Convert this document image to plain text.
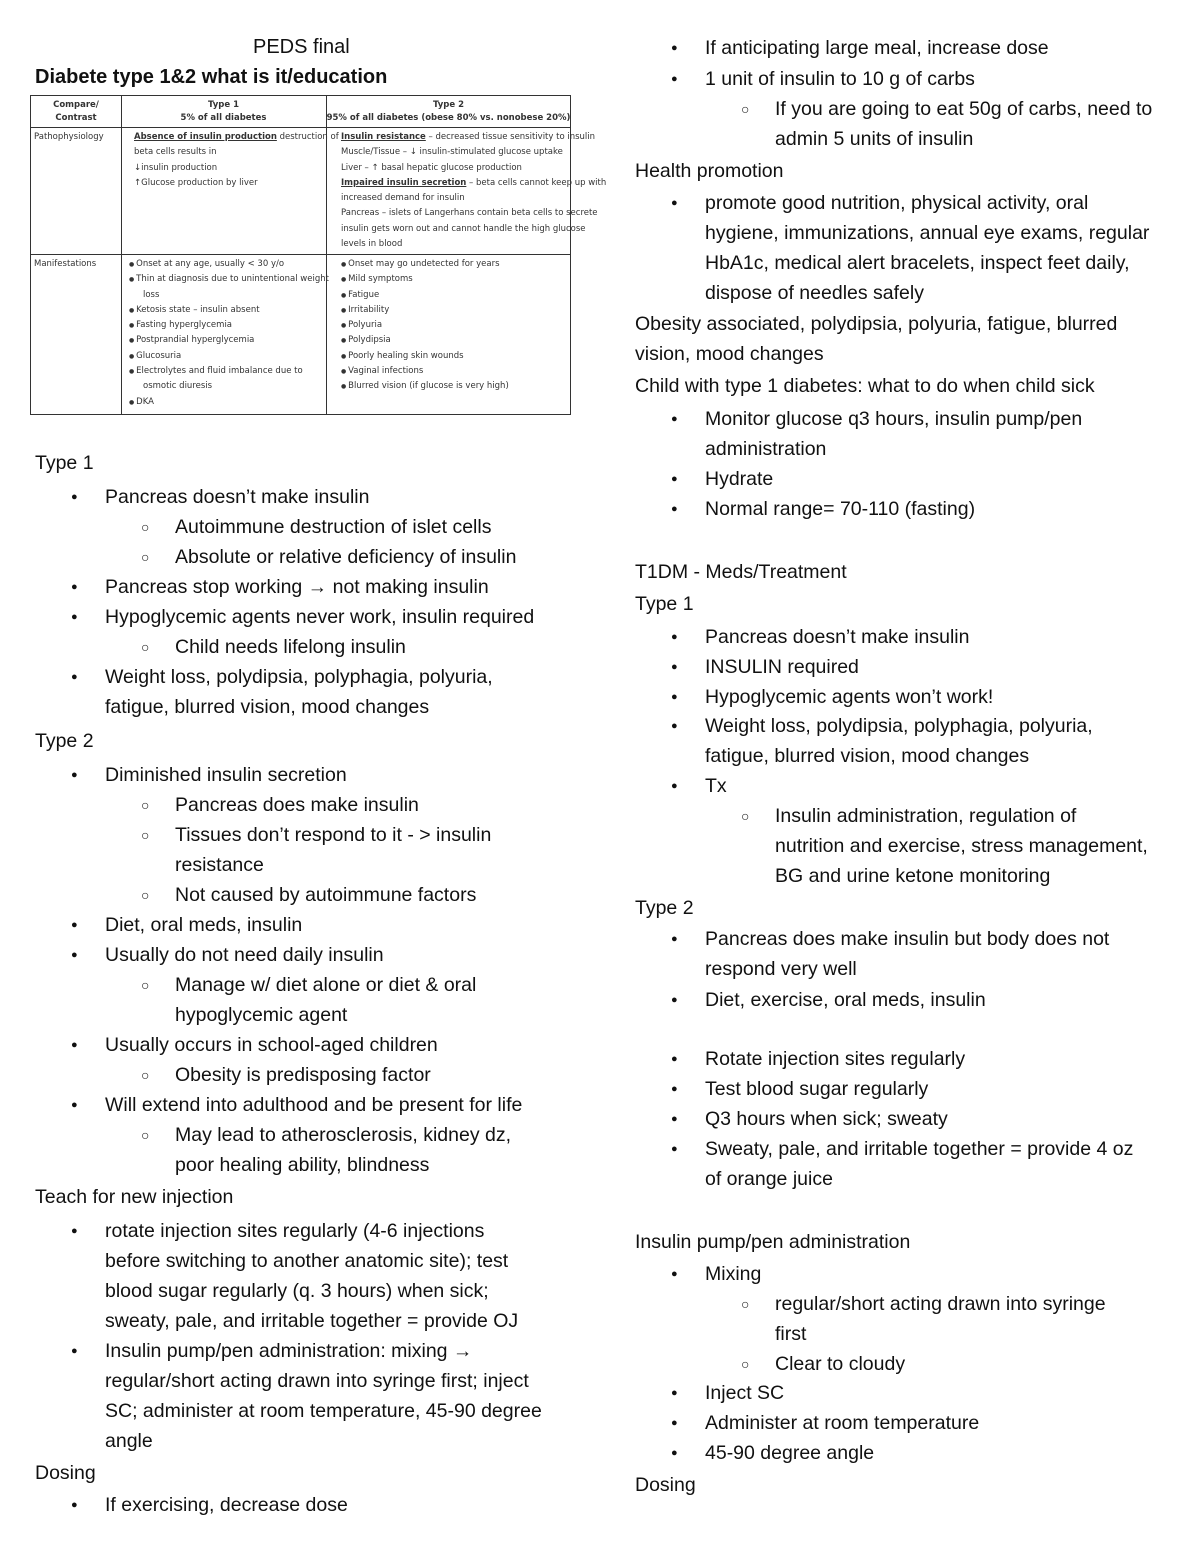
PEDS final
Diabete type 1&2 what is it/education
Compare/
Contrast
Type 1
5% of all diabetes
Type 2
95% of all diabetes (obese 80% vs. nonobese 20%)
Pathophysiology
Manifestations
Absence of insulin production destruction of
beta cells results in
↓insulin production
↑Glucose production by liver
Insulin resistance – decreased tissue sensitivity to insulin
Muscle/Tissue – ↓ insulin-stimulated glucose uptake
Liver – ↑ basal hepatic glucose production
Impaired insulin secretion – beta cells cannot keep up with
increased demand for insulin
Pancreas – islets of Langerhans contain beta cells to secrete
insulin gets worn out and cannot handle the high glucose
levels in blood
● Onset at any age, usually < 30 y/o
● Thin at diagnosis due to unintentional weight
loss
● Ketosis state – insulin absent
● Fasting hyperglycemia
● Postprandial hyperglycemia
● Glucosuria
● Electrolytes and fluid imbalance due to
osmotic diuresis
● DKA
● Onset may go undetected for years
● Mild symptoms
● Fatigue
● Irritability
● Polyuria
● Polydipsia
● Poorly healing skin wounds
● Vaginal infections
● Blurred vision (if glucose is very high)
Type 1
● Pancreas doesn’t make insulin
○ Autoimmune destruction of islet cells
○ Absolute or relative deficiency of insulin
● Pancreas stop working → not making insulin
● Hypoglycemic agents never work, insulin required
○ Child needs lifelong insulin
● Weight loss, polydipsia, polyphagia, polyuria,
fatigue, blurred vision, mood changes
Type 2
● Diminished insulin secretion
○ Pancreas does make insulin
○ Tissues don’t respond to it - > insulin
resistance
○ Not caused by autoimmune factors
● Diet, oral meds, insulin
● Usually do not need daily insulin
○ Manage w/ diet alone or diet & oral
hypoglycemic agent
● Usually occurs in school-aged children
○ Obesity is predisposing factor
● Will extend into adulthood and be present for life
○ May lead to atherosclerosis, kidney dz,
poor healing ability, blindness
Teach for new injection
● rotate injection sites regularly (4-6 injections
before switching to another anatomic site); test
blood sugar regularly (q. 3 hours) when sick;
sweaty, pale, and irritable together = provide OJ
● Insulin pump/pen administration: mixing →
regular/short acting drawn into syringe first; inject
SC; administer at room temperature, 45-90 degree
angle
Dosing
● If exercising, decrease dose
● If anticipating large meal, increase dose
● 1 unit of insulin to 10 g of carbs
○ If you are going to eat 50g of carbs, need to
admin 5 units of insulin
Health promotion
● promote good nutrition, physical activity, oral
hygiene, immunizations, annual eye exams, regular
HbA1c, medical alert bracelets, inspect feet daily,
dispose of needles safely
Obesity associated, polydipsia, polyuria, fatigue, blurred
vision, mood changes
Child with type 1 diabetes: what to do when child sick
● Monitor glucose q3 hours, insulin pump/pen
administration
● Hydrate
● Normal range= 70-110 (fasting)
T1DM - Meds/Treatment
Type 1
● Pancreas doesn’t make insulin
● INSULIN required
● Hypoglycemic agents won’t work!
● Weight loss, polydipsia, polyphagia, polyuria,
fatigue, blurred vision, mood changes
● Tx
○ Insulin administration, regulation of
nutrition and exercise, stress management,
BG and urine ketone monitoring
Type 2
● Pancreas does make insulin but body does not
respond very well
● Diet, exercise, oral meds, insulin
● Rotate injection sites regularly
● Test blood sugar regularly
● Q3 hours when sick; sweaty
● Sweaty, pale, and irritable together = provide 4 oz
of orange juice
Insulin pump/pen administration
● Mixing
○ regular/short acting drawn into syringe
first
○ Clear to cloudy
● Inject SC
● Administer at room temperature
● 45-90 degree angle
Dosing
